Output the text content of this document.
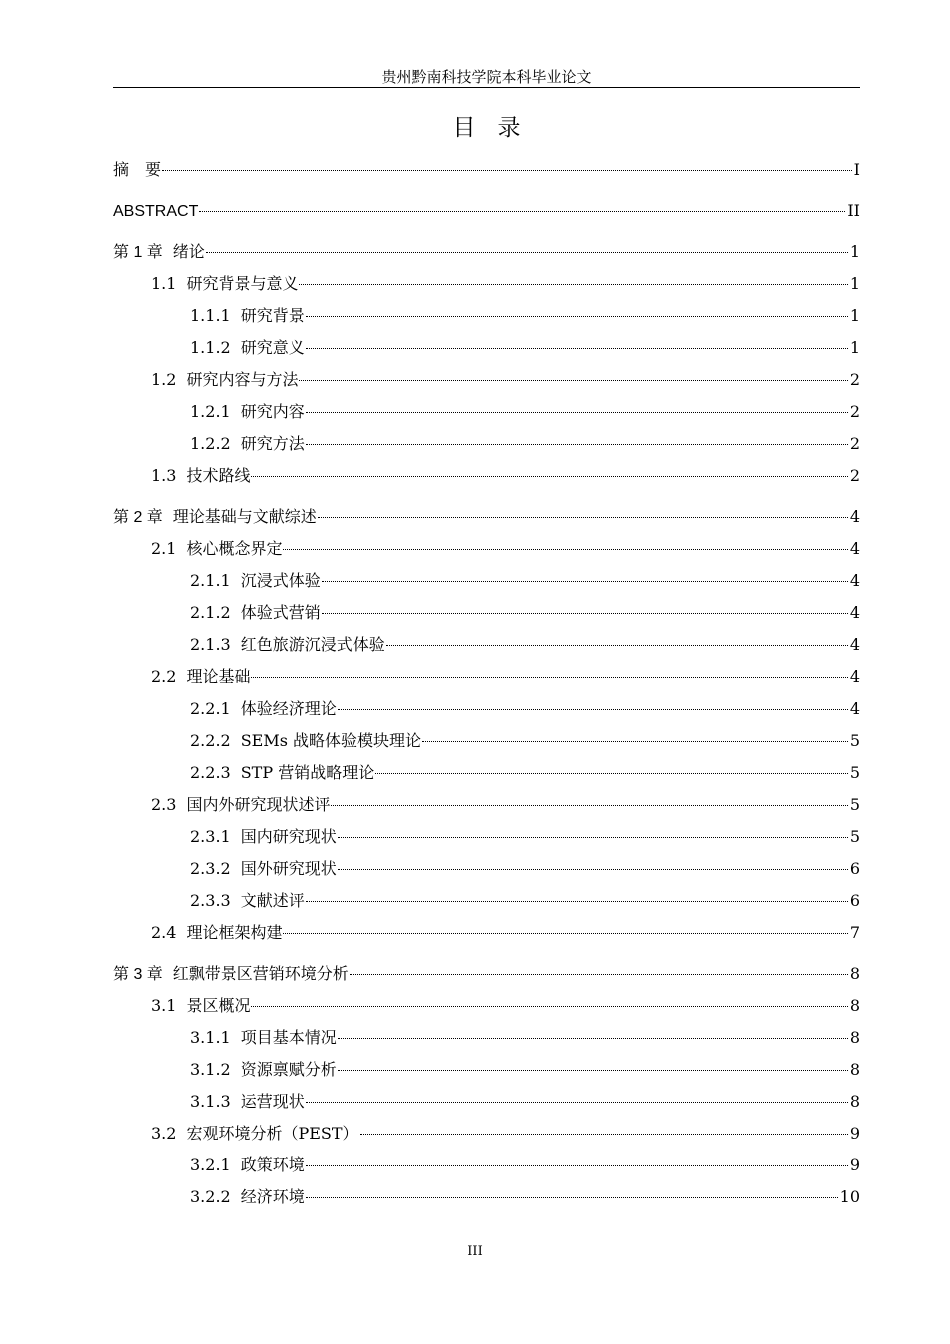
贵州黔南科技学院本科毕业论文
目录
摘　要	I
ABSTRACT	II
第 1 章 绪论	1
1.1 研究背景与意义	1
1.1.1 研究背景	1
1.1.2 研究意义	1
1.2 研究内容与方法	2
1.2.1 研究内容	2
1.2.2 研究方法	2
1.3 技术路线	2
第 2 章 理论基础与文献综述	4
2.1 核心概念界定	4
2.1.1 沉浸式体验	4
2.1.2 体验式营销	4
2.1.3 红色旅游沉浸式体验	4
2.2 理论基础	4
2.2.1 体验经济理论	4
2.2.2 SEMs 战略体验模块理论	5
2.2.3 STP 营销战略理论	5
2.3 国内外研究现状述评	5
2.3.1 国内研究现状	5
2.3.2 国外研究现状	6
2.3.3 文献述评	6
2.4 理论框架构建	7
第 3 章 红飘带景区营销环境分析	8
3.1 景区概况	8
3.1.1 项目基本情况	8
3.1.2 资源禀赋分析	8
3.1.3 运营现状	8
3.2 宏观环境分析（PEST）	9
3.2.1 政策环境	9
3.2.2 经济环境	10
III
